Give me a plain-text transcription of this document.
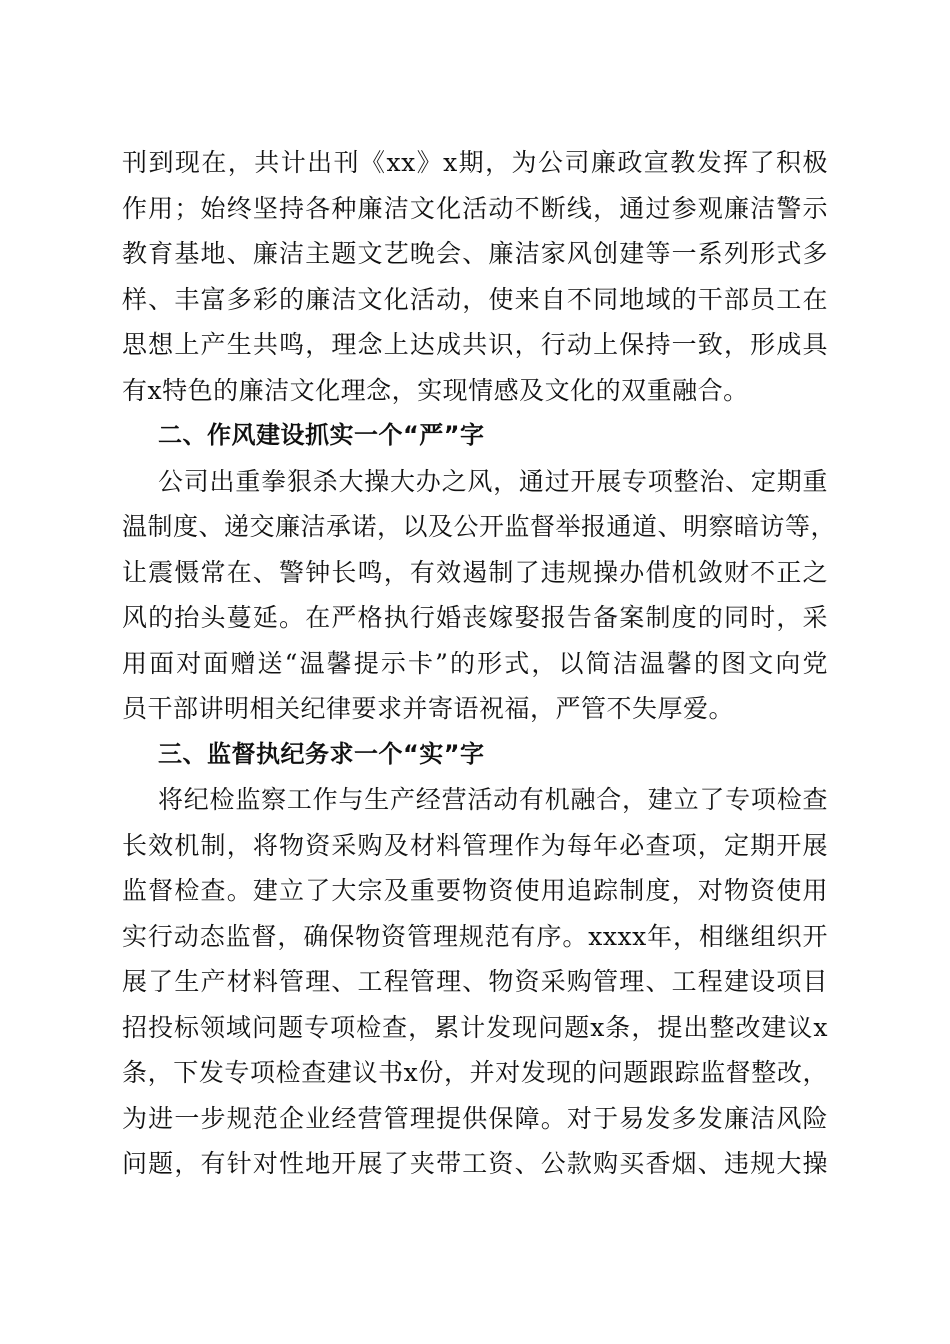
刊到现在，共计出刊《xx》x期，为公司廉政宣教发挥了积极
作用；始终坚持各种廉洁文化活动不断线，通过参观廉洁警示
教育基地、廉洁主题文艺晚会、廉洁家风创建等一系列形式多
样、丰富多彩的廉洁文化活动，使来自不同地域的干部员工在
思想上产生共鸣，理念上达成共识，行动上保持一致，形成具
有x特色的廉洁文化理念，实现情感及文化的双重融合。
二、作风建设抓实一个“严”字
公司出重拳狠杀大操大办之风，通过开展专项整治、定期重
温制度、递交廉洁承诺，以及公开监督举报通道、明察暗访等，
让震慑常在、警钟长鸣，有效遏制了违规操办借机敛财不正之
风的抬头蔓延。在严格执行婚丧嫁娶报告备案制度的同时，采
用面对面赠送“温馨提示卡”的形式，以简洁温馨的图文向党
员干部讲明相关纪律要求并寄语祝福，严管不失厚爱。
三、监督执纪务求一个“实”字
将纪检监察工作与生产经营活动有机融合，建立了专项检查
长效机制，将物资采购及材料管理作为每年必查项，定期开展
监督检查。建立了大宗及重要物资使用追踪制度，对物资使用
实行动态监督，确保物资管理规范有序。xxxx年，相继组织开
展了生产材料管理、工程管理、物资采购管理、工程建设项目
招投标领域问题专项检查，累计发现问题x条，提出整改建议x
条，下发专项检查建议书x份，并对发现的问题跟踪监督整改，
为进一步规范企业经营管理提供保障。对于易发多发廉洁风险
问题，有针对性地开展了夹带工资、公款购买香烟、违规大操
